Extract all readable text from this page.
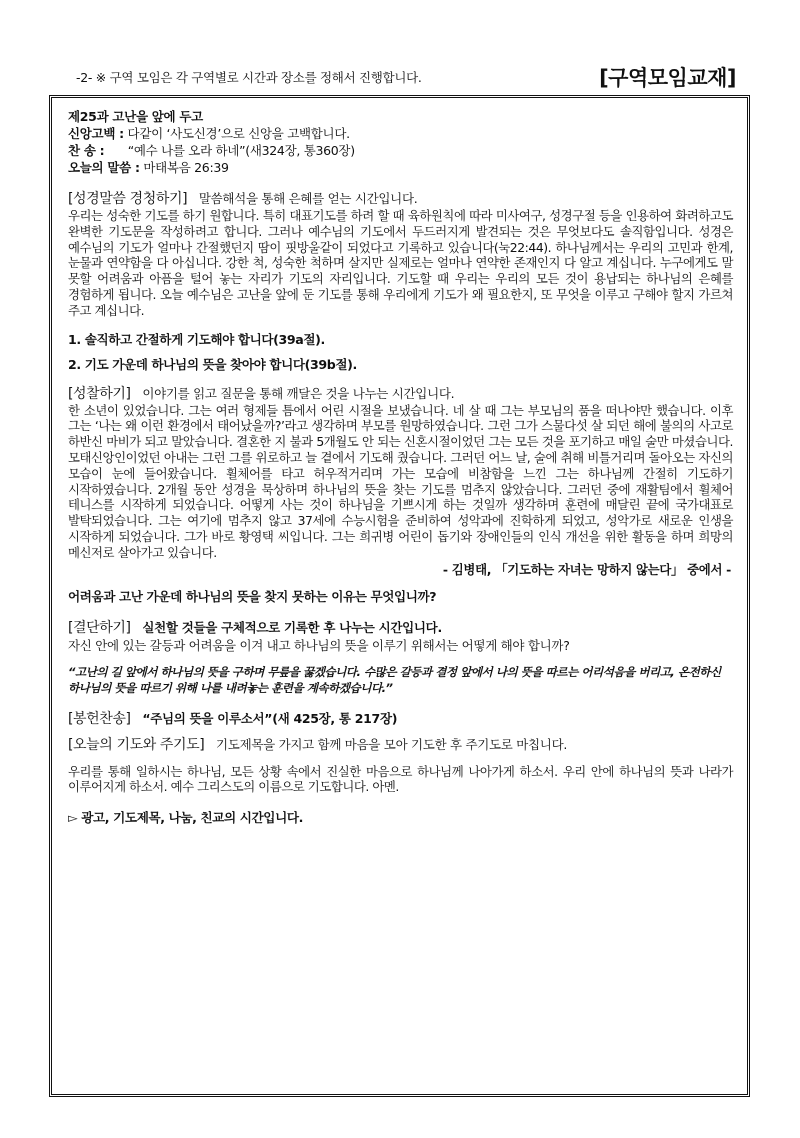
-2- ※ 구역 모임은 각 구역별로 시간과 장소를 정해서 진행합니다.	[구역모임교재]
제25과 고난을 앞에 두고
신앙고백 : 다같이 ‘사도신경’으로 신앙을 고백합니다.
찬 송 : “예수 나를 오라 하네”(새324장, 통360장)
오늘의 말씀 : 마태복음 26:39
[성경말씀 경청하기] 말씀해석을 통해 은혜를 얻는 시간입니다.
우리는 성숙한 기도를 하기 원합니다. 특히 대표기도를 하려 할 때 육하원칙에 따라 미사여구, 성경구절 등을 인용하여 화려하고도 완벽한 기도문을 작성하려고 합니다. 그러나 예수님의 기도에서 두드러지게 발견되는 것은 무엇보다도 솔직함입니다. 성경은 예수님의 기도가 얼마나 간절했던지 땀이 핏방울같이 되었다고 기록하고 있습니다(눅22:44). 하나님께서는 우리의 고민과 한계, 눈물과 연약함을 다 아십니다. 강한 척, 성숙한 척하며 살지만 실제로는 얼마나 연약한 존재인지 다 알고 계십니다. 누구에게도 말 못할 어려움과 아픔을 털어 놓는 자리가 기도의 자리입니다. 기도할 때 우리는 우리의 모든 것이 용납되는 하나님의 은혜를 경험하게 됩니다. 오늘 예수님은 고난을 앞에 둔 기도를 통해 우리에게 기도가 왜 필요한지, 또 무엇을 이루고 구해야 할지 가르쳐 주고 계십니다.
1. 솔직하고 간절하게 기도해야 합니다(39a절).
2. 기도 가운데 하나님의 뜻을 찾아야 합니다(39b절).
[성찰하기] 이야기를 읽고 질문을 통해 깨달은 것을 나누는 시간입니다.
한 소년이 있었습니다. 그는 여러 형제들 틈에서 어린 시절을 보냈습니다. 네 살 때 그는 부모님의 품을 떠나야만 했습니다. 이후 그는 ‘나는 왜 이런 환경에서 태어났을까?’라고 생각하며 부모를 원망하였습니다. 그런 그가 스물다섯 살 되던 해에 불의의 사고로 하반신 마비가 되고 말았습니다. 결혼한 지 불과 5개월도 안 되는 신혼시절이었던 그는 모든 것을 포기하고 매일 술만 마셨습니다. 모태신앙인이었던 아내는 그런 그를 위로하고 늘 곁에서 기도해 줬습니다. 그러던 어느 날, 술에 취해 비틀거리며 돌아오는 자신의 모습이 눈에 들어왔습니다. 휠체어를 타고 허우적거리며 가는 모습에 비참함을 느낀 그는 하나님께 간절히 기도하기 시작하였습니다. 2개월 동안 성경을 묵상하며 하나님의 뜻을 찾는 기도를 멈추지 않았습니다. 그러던 중에 재활팀에서 휠체어 테니스를 시작하게 되었습니다. 어떻게 사는 것이 하나님을 기쁘시게 하는 것일까 생각하며 훈련에 매달린 끝에 국가대표로 발탁되었습니다. 그는 여기에 멈추지 않고 37세에 수능시험을 준비하여 성악과에 진학하게 되었고, 성악가로 새로운 인생을 시작하게 되었습니다. 그가 바로 황영택 씨입니다. 그는 희귀병 어린이 돕기와 장애인들의 인식 개선을 위한 활동을 하며 희망의 메신저로 살아가고 있습니다.
- 김병태, 「기도하는 자녀는 망하지 않는다」 중에서 -
어려움과 고난 가운데 하나님의 뜻을 찾지 못하는 이유는 무엇입니까?
[결단하기] 실천할 것들을 구체적으로 기록한 후 나누는 시간입니다.
자신 안에 있는 갈등과 어려움을 이겨 내고 하나님의 뜻을 이루기 위해서는 어떻게 해야 합니까?
“고난의 길 앞에서 하나님의 뜻을 구하며 무릎을 꿇겠습니다. 수많은 갈등과 결정 앞에서 나의 뜻을 따르는 어리석음을 버리고, 온전하신 하나님의 뜻을 따르기 위해 나를 내려놓는 훈련을 계속하겠습니다.”
[봉헌찬송] “주님의 뜻을 이루소서”(새 425장, 통 217장)
[오늘의 기도와 주기도] 기도제목을 가지고 함께 마음을 모아 기도한 후 주기도로 마칩니다.
우리를 통해 일하시는 하나님, 모든 상황 속에서 진실한 마음으로 하나님께 나아가게 하소서. 우리 안에 하나님의 뜻과 나라가 이루어지게 하소서. 예수 그리스도의 이름으로 기도합니다. 아멘.
▻ 광고, 기도제목, 나눔, 친교의 시간입니다.
